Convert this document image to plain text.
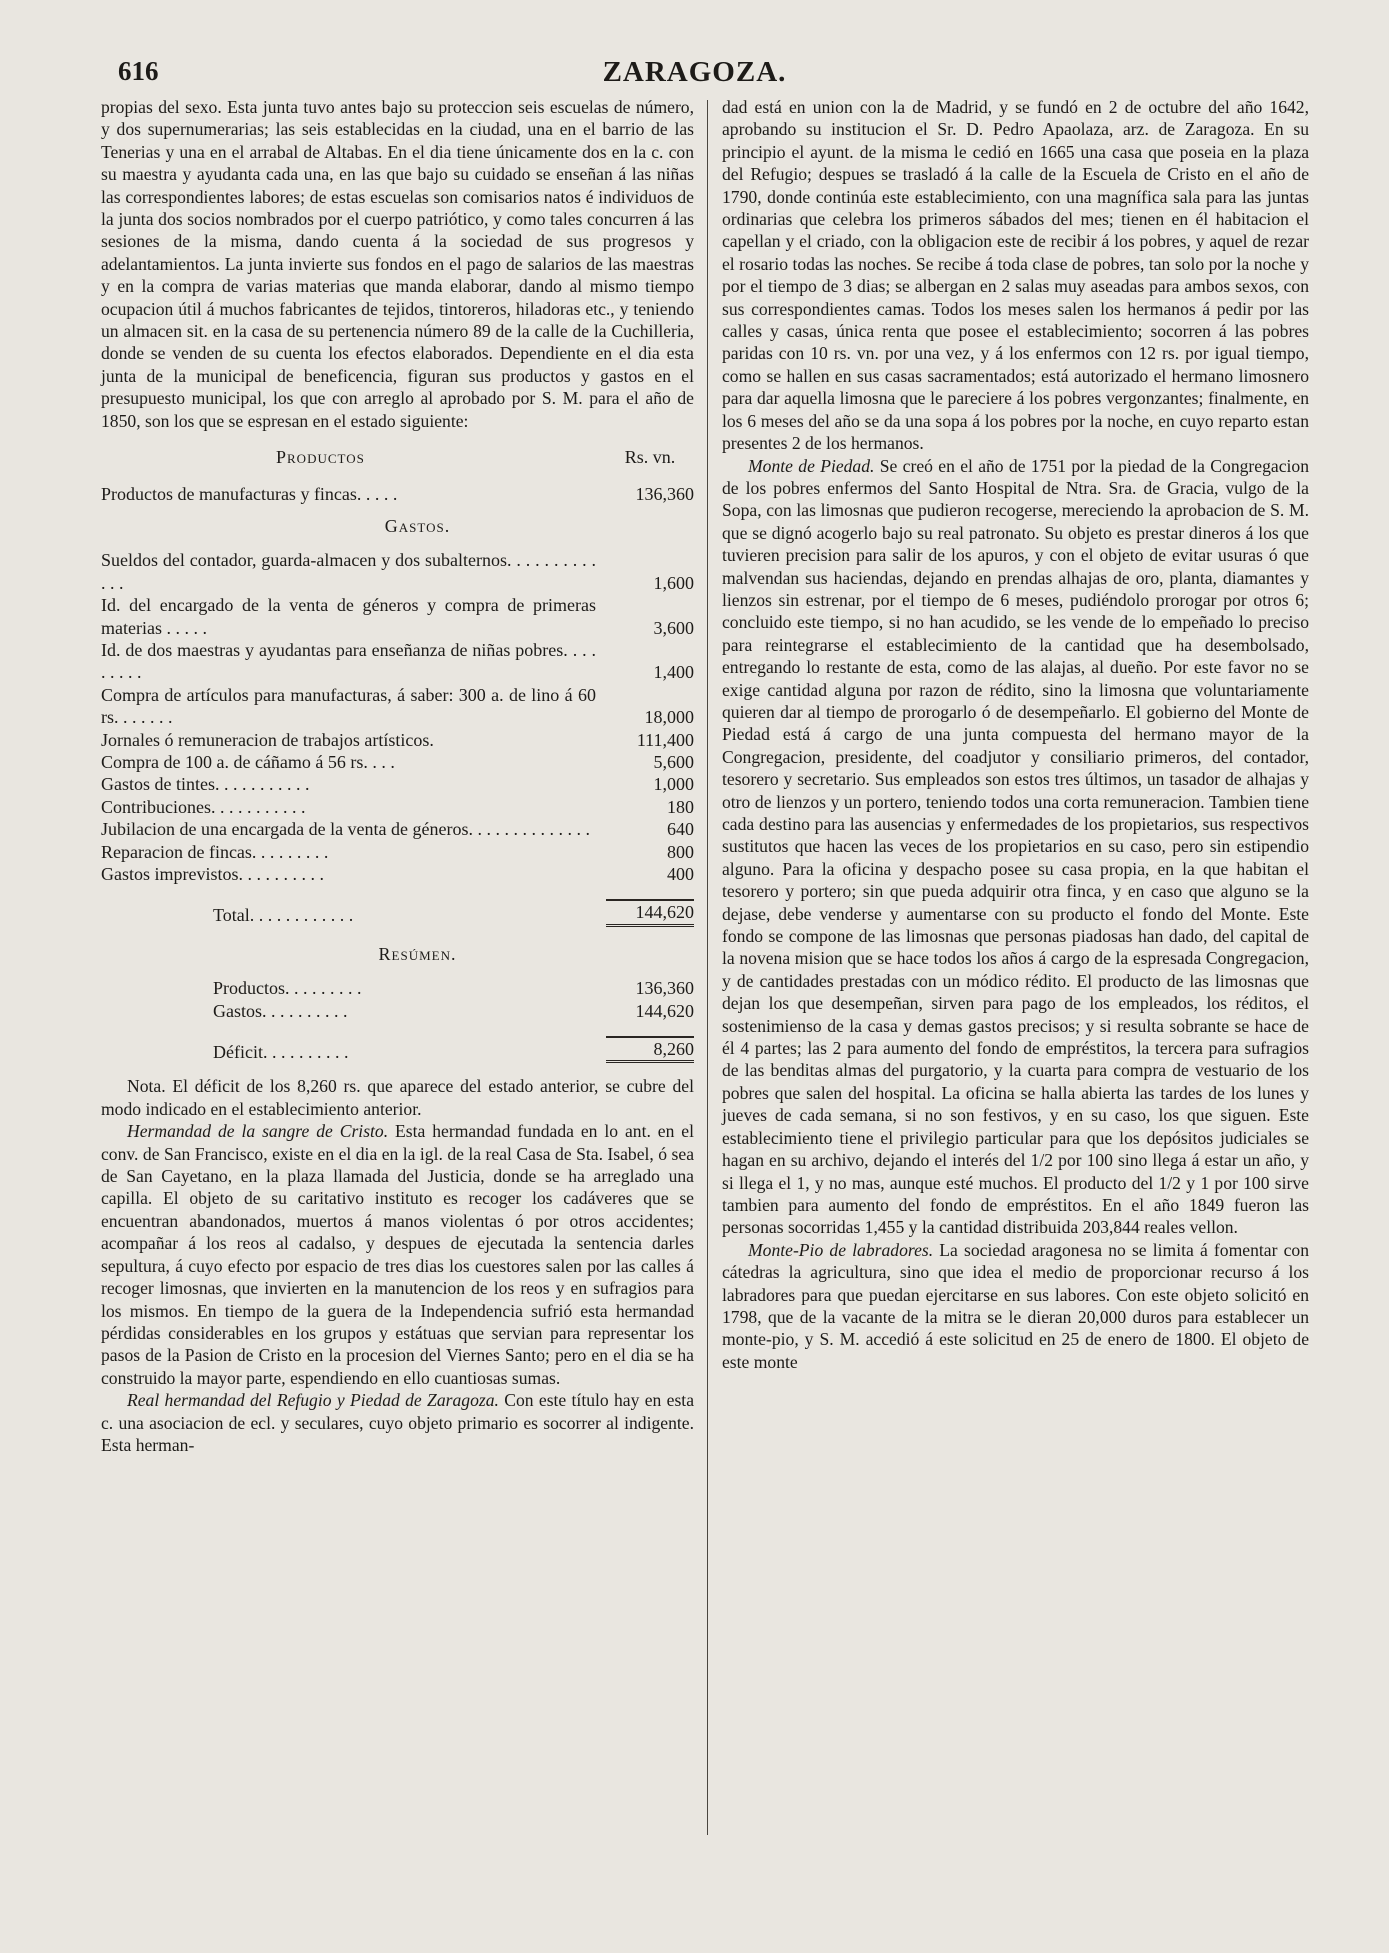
616	ZARAGOZA.

propias del sexo. Esta junta tuvo antes bajo su proteccion seis escuelas de número, y dos supernumerarias; las seis establecidas en la ciudad, una en el barrio de las Tenerias y una en el arrabal de Altabas. En el dia tiene únicamente dos en la c. con su maestra y ayudanta cada una, en las que bajo su cuidado se enseñan á las niñas las correspondientes labores; de estas escuelas son comisarios natos é individuos de la junta dos socios nombrados por el cuerpo patriótico, y como tales concurren á las sesiones de la misma, dando cuenta á la sociedad de sus progresos y adelantamientos. La junta invierte sus fondos en el pago de salarios de las maestras y en la compra de varias materias que manda elaborar, dando al mismo tiempo ocupacion útil á muchos fabricantes de tejidos, tintoreros, hiladoras etc., y teniendo un almacen sit. en la casa de su pertenencia número 89 de la calle de la Cuchilleria, donde se venden de su cuenta los efectos elaborados. Dependiente en el dia esta junta de la municipal de beneficencia, figuran sus productos y gastos en el presupuesto municipal, los que con arreglo al aprobado por S. M. para el año de 1850, son los que se espresan en el estado siguiente:

Productos	Rs. vn.
Productos de manufacturas y fincas. . . . .	136,360
Gastos.
Sueldos del contador, guarda-almacen y dos subalternos. . . . . . . . . . . . .	1,600
Id. del encargado de la venta de géneros y compra de primeras materias . . . . .	3,600
Id. de dos maestras y ayudantas para enseñanza de niñas pobres. . . . . . . . .	1,400
Compra de artículos para manufacturas, á saber: 300 a. de lino á 60 rs. . . . . . .	18,000
Jornales ó remuneracion de trabajos artísticos.	111,400
Compra de 100 a. de cáñamo á 56 rs. . . .	5,600
Gastos de tintes. . . . . . . . . . .	1,000
Contribuciones. . . . . . . . . . .	180
Jubilacion de una encargada de la venta de géneros. . . . . . . . . . . . . .	640
Reparacion de fincas. . . . . . . . .	800
Gastos imprevistos. . . . . . . . . .	400
Total. . . . . . . . . . . .	144,620
Resúmen.
Productos. . . . . . . . .	136,360
Gastos. . . . . . . . . .	144,620
Déficit. . . . . . . . . .	8,260

Nota. El déficit de los 8,260 rs. que aparece del estado anterior, se cubre del modo indicado en el establecimiento anterior.

Hermandad de la sangre de Cristo. Esta hermandad fundada en lo ant. en el conv. de San Francisco, existe en el dia en la igl. de la real Casa de Sta. Isabel, ó sea de San Cayetano, en la plaza llamada del Justicia, donde se ha arreglado una capilla. El objeto de su caritativo instituto es recoger los cadáveres que se encuentran abandonados, muertos á manos violentas ó por otros accidentes; acompañar á los reos al cadalso, y despues de ejecutada la sentencia darles sepultura, á cuyo efecto por espacio de tres dias los cuestores salen por las calles á recoger limosnas, que invierten en la manutencion de los reos y en sufragios para los mismos. En tiempo de la guera de la Independencia sufrió esta hermandad pérdidas considerables en los grupos y estátuas que servian para representar los pasos de la Pasion de Cristo en la procesion del Viernes Santo; pero en el dia se ha construido la mayor parte, espendiendo en ello cuantiosas sumas.

Real hermandad del Refugio y Piedad de Zaragoza. Con este título hay en esta c. una asociacion de ecl. y seculares, cuyo objeto primario es socorrer al indigente. Esta herman-

dad está en union con la de Madrid, y se fundó en 2 de octubre del año 1642, aprobando su institucion el Sr. D. Pedro Apaolaza, arz. de Zaragoza. En su principio el ayunt. de la misma le cedió en 1665 una casa que poseia en la plaza del Refugio; despues se trasladó á la calle de la Escuela de Cristo en el año de 1790, donde continúa este establecimiento, con una magnífica sala para las juntas ordinarias que celebra los primeros sábados del mes; tienen en él habitacion el capellan y el criado, con la obligacion este de recibir á los pobres, y aquel de rezar el rosario todas las noches. Se recibe á toda clase de pobres, tan solo por la noche y por el tiempo de 3 dias; se albergan en 2 salas muy aseadas para ambos sexos, con sus correspondientes camas. Todos los meses salen los hermanos á pedir por las calles y casas, única renta que posee el establecimiento; socorren á las pobres paridas con 10 rs. vn. por una vez, y á los enfermos con 12 rs. por igual tiempo, como se hallen en sus casas sacramentados; está autorizado el hermano limosnero para dar aquella limosna que le pareciere á los pobres vergonzantes; finalmente, en los 6 meses del año se da una sopa á los pobres por la noche, en cuyo reparto estan presentes 2 de los hermanos.

Monte de Piedad. Se creó en el año de 1751 por la piedad de la Congregacion de los pobres enfermos del Santo Hospital de Ntra. Sra. de Gracia, vulgo de la Sopa, con las limosnas que pudieron recogerse, mereciendo la aprobacion de S. M. que se dignó acogerlo bajo su real patronato. Su objeto es prestar dineros á los que tuvieren precision para salir de los apuros, y con el objeto de evitar usuras ó que malvendan sus haciendas, dejando en prendas alhajas de oro, planta, diamantes y lienzos sin estrenar, por el tiempo de 6 meses, pudiéndolo prorogar por otros 6; concluido este tiempo, si no han acudido, se les vende de lo empeñado lo preciso para reintegrarse el establecimiento de la cantidad que ha desembolsado, entregando lo restante de esta, como de las alajas, al dueño. Por este favor no se exige cantidad alguna por razon de rédito, sino la limosna que voluntariamente quieren dar al tiempo de prorogarlo ó de desempeñarlo. El gobierno del Monte de Piedad está á cargo de una junta compuesta del hermano mayor de la Congregacion, presidente, del coadjutor y consiliario primeros, del contador, tesorero y secretario. Sus empleados son estos tres últimos, un tasador de alhajas y otro de lienzos y un portero, teniendo todos una corta remuneracion. Tambien tiene cada destino para las ausencias y enfermedades de los propietarios, sus respectivos sustitutos que hacen las veces de los propietarios en su caso, pero sin estipendio alguno. Para la oficina y despacho posee su casa propia, en la que habitan el tesorero y portero; sin que pueda adquirir otra finca, y en caso que alguno se la dejase, debe venderse y aumentarse con su producto el fondo del Monte. Este fondo se compone de las limosnas que personas piadosas han dado, del capital de la novena mision que se hace todos los años á cargo de la espresada Congregacion, y de cantidades prestadas con un módico rédito. El producto de las limosnas que dejan los que desempeñan, sirven para pago de los empleados, los réditos, el sostenimienso de la casa y demas gastos precisos; y si resulta sobrante se hace de él 4 partes; las 2 para aumento del fondo de empréstitos, la tercera para sufragios de las benditas almas del purgatorio, y la cuarta para compra de vestuario de los pobres que salen del hospital. La oficina se halla abierta las tardes de los lunes y jueves de cada semana, si no son festivos, y en su caso, los que siguen. Este establecimiento tiene el privilegio particular para que los depósitos judiciales se hagan en su archivo, dejando el interés del 1/2 por 100 sino llega á estar un año, y si llega el 1, y no mas, aunque esté muchos. El producto del 1/2 y 1 por 100 sirve tambien para aumento del fondo de empréstitos. En el año 1849 fueron las personas socorridas 1,455 y la cantidad distribuida 203,844 reales vellon.

Monte-Pio de labradores. La sociedad aragonesa no se limita á fomentar con cátedras la agricultura, sino que idea el medio de proporcionar recurso á los labradores para que puedan ejercitarse en sus labores. Con este objeto solicitó en 1798, que de la vacante de la mitra se le dieran 20,000 duros para establecer un monte-pio, y S. M. accedió á este solicitud en 25 de enero de 1800. El objeto de este monte
